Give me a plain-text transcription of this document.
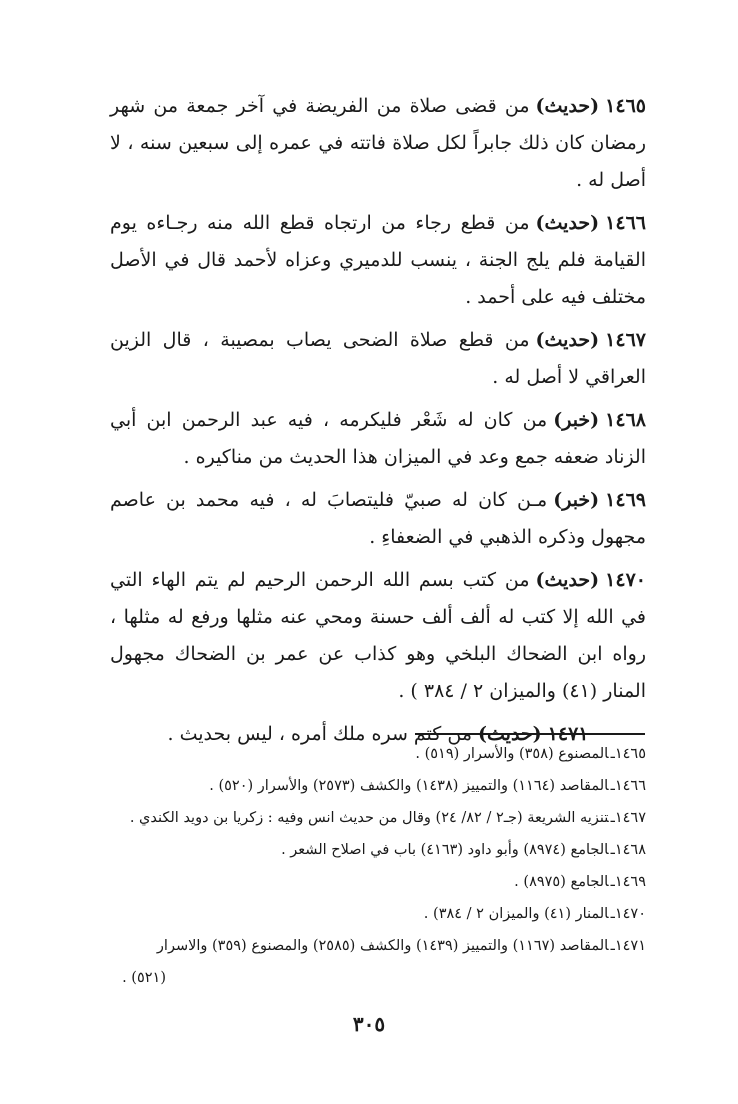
١٤٦٥(حديث)من قضى صلاة من الفريضة في آخر جمعة من شهر رمضان كان ذلك جابراً لكل صلاة فاتته في عمره إلى سبعين سنه ، لا أصل له .

١٤٦٦(حديث)من قطع رجاء من ارتجاه قطع الله منه رجـاءه يوم القيامة فلم يلج الجنة ، ينسب للدميري وعزاه لأحمد قال في الأصل مختلف فيه على أحمد .

١٤٦٧(حديث)من قطع صلاة الضحى يصاب بمصيبة ، قال الزين العراقي لا أصل له .

١٤٦٨(خبر)من كان له شَعْر فليكرمه ، فيه عبد الرحمن ابن أبي الزناد ضعفه جمع وعد في الميزان هذا الحديث من مناكيره .

١٤٦٩(خبر)مـن كان له صبيّ فليتصابَ له ، فيه محمد بن عاصم مجهول وذكره الذهبي في الضعفاءِ .

١٤٧٠(حديث)من كتب بسم الله الرحمن الرحيم لم يتم الهاء التي في الله إلا كتب له ألف ألف حسنة ومحي عنه مثلها ورفع له مثلها ، رواه ابن الضحاك البلخي وهو كذاب عن عمر بن الضحاك مجهول المنار (٤١) والميزان ٢ / ٣٨٤ ) .

١٤٧١(حديث)من كتم سره ملك أمره ، ليس بحديث .

١٤٦٥ـالمصنوع (٣٥٨) والأسرار (٥١٩) .

١٤٦٦ـالمقاصد (١١٦٤) والتمييز (١٤٣٨) والكشف (٢٥٧٣) والأسرار (٥٢٠) .

١٤٦٧ـتنزيه الشريعة (جـ٢ / ٨٢/ ٢٤) وقال من حديث انس وفيه : زكريا بن دويد الكندي .

١٤٦٨ـالجامع (٨٩٧٤) وأبو داود (٤١٦٣) باب في اصلاح الشعر .

١٤٦٩ـالجامع (٨٩٧٥) .

١٤٧٠ـالمنار (٤١) والميزان ٢ / ٣٨٤) .

١٤٧١ـالمقاصد (١١٦٧) والتمييز (١٤٣٩) والكشف (٢٥٨٥) والمصنوع (٣٥٩) والاسرار

(٥٢١) .

٣٠٥
